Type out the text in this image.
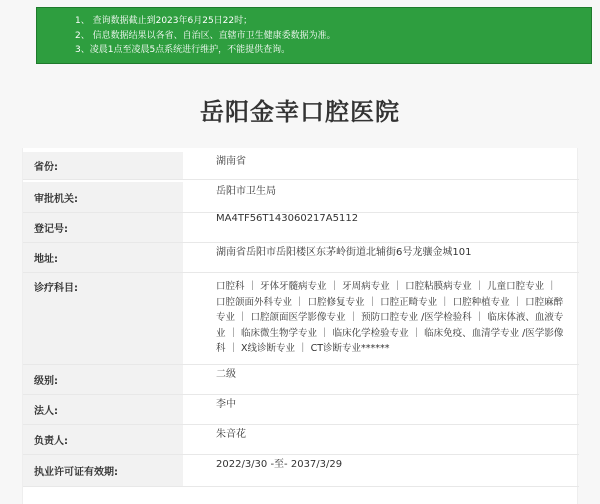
1、 查询数据截止到2023年6月25日22时；

2、 信息数据结果以各省、自治区、直辖市卫生健康委数据为准。

3、凌晨1点至凌晨5点系统进行维护，不能提供查询。

岳阳金幸口腔医院
省份:
湖南省
审批机关:
岳阳市卫生局
登记号:
MA4TF56T143060217A5112
地址:
湖南省岳阳市岳阳楼区东茅岭街道北辅街6号龙骧金城101
诊疗科目:	口腔科 ｜ 牙体牙髓病专业 ｜ 牙周病专业 ｜ 口腔粘膜病专业 ｜ 儿童口腔专业 ｜ 口腔颌面外科专业 ｜ 口腔修复专业 ｜ 口腔正畸专业 ｜ 口腔种植专业 ｜ 口腔麻醉专业 ｜ 口腔颌面医学影像专业 ｜ 预防口腔专业 /医学检验科 ｜ 临床体液、血液专业 ｜ 临床微生物学专业 ｜ 临床化学检验专业 ｜ 临床免疫、血清学专业 /医学影像科 ｜ X线诊断专业 ｜ CT诊断专业******
级别:
二级
法人:
李中
负责人:
朱音花
执业许可证有效期:
2022/3/30 -至- 2037/3/29
